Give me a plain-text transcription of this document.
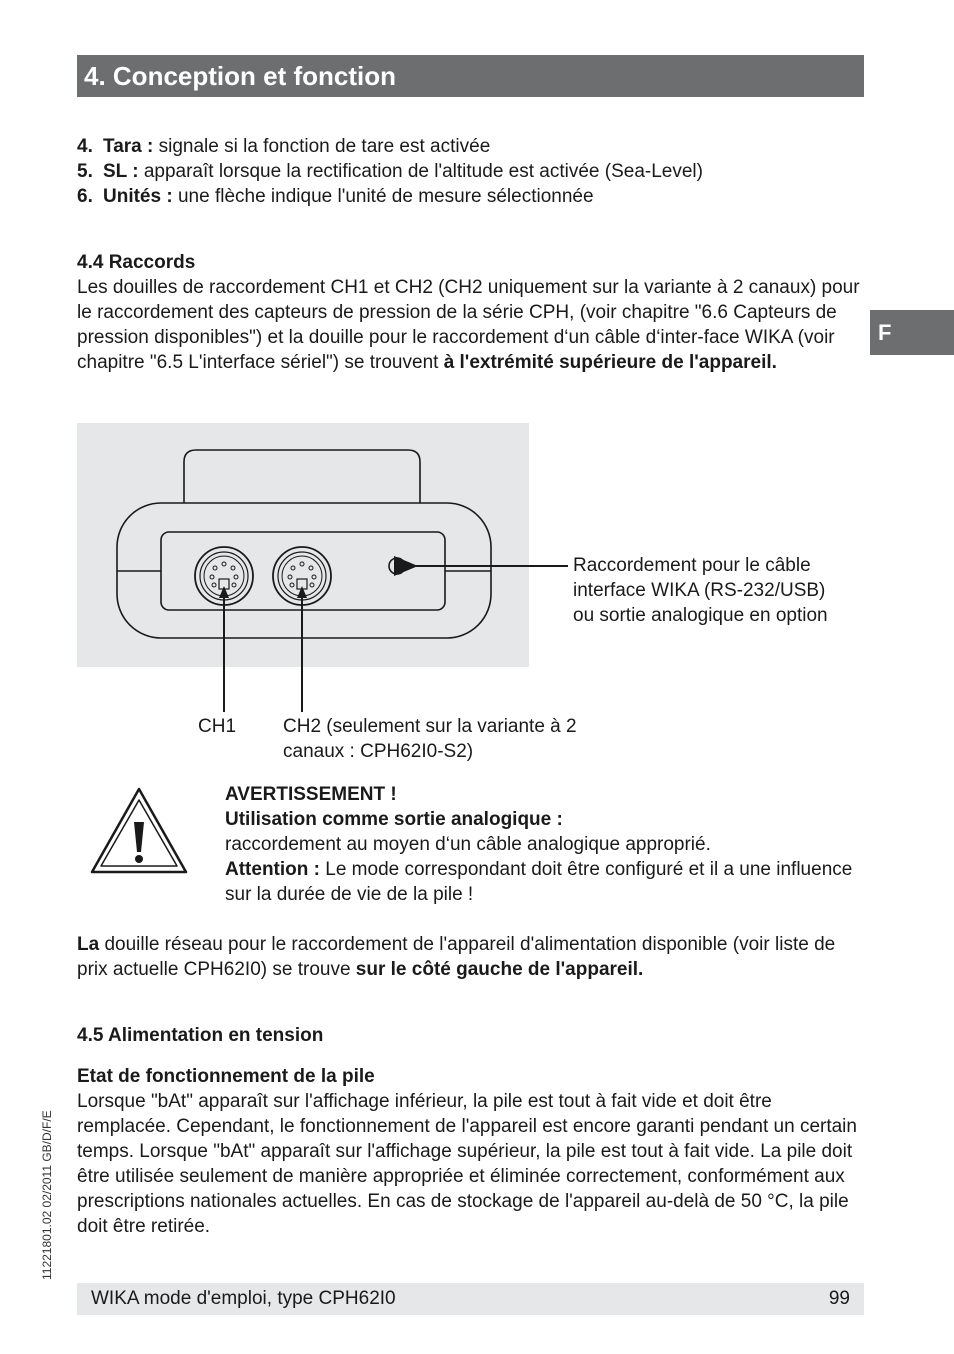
4. Conception et fonction
F
4. Tara : signale si la fonction de tare est activée
5. SL : apparaît lorsque la rectification de l'altitude est activée (Sea-Level)
6. Unités : une flèche indique l'unité de mesure sélectionnée

4.4 Raccords

Les douilles de raccordement CH1 et CH2 (CH2 uniquement sur la variante à 2 canaux) pour le raccordement des capteurs de pression de la série CPH, (voir chapitre "6.6 Capteurs de pression disponibles") et la douille pour le raccordement d‘un câble d‘inter-face WIKA (voir chapitre "6.5 L'interface sériel") se trouvent à l'extrémité supérieure de l'appareil.

Raccordement pour le câble
interface WIKA (RS-232/USB)
ou sortie analogique en option
CH1 CH2 (seulement sur la variante à 2
canaux : CPH62I0-S2)
AVERTISSEMENT !
Utilisation comme sortie analogique :
raccordement au moyen d‘un câble analogique approprié.
Attention : Le mode correspondant doit être configuré et il a une influence sur la durée de vie de la pile !

La douille réseau pour le raccordement de l'appareil d'alimentation disponible (voir liste de prix actuelle CPH62I0) se trouve sur le côté gauche de l'appareil.

4.5 Alimentation en tension

Etat de fonctionnement de la pile

Lorsque "bAt" apparaît sur l'affichage inférieur, la pile est tout à fait vide et doit être remplacée. Cependant, le fonctionnement de l'appareil est encore garanti pendant un certain temps. Lorsque "bAt" apparaît sur l'affichage supérieur, la pile est tout à fait vide. La pile doit être utilisée seulement de manière appropriée et éliminée correctement, conformément aux prescriptions nationales actuelles. En cas de stockage de l'appareil au-delà de 50 °C, la pile doit être retirée.

11221801.02 02/2011 GB/D/F/E
WIKA mode d'emploi, type CPH62I0	99
